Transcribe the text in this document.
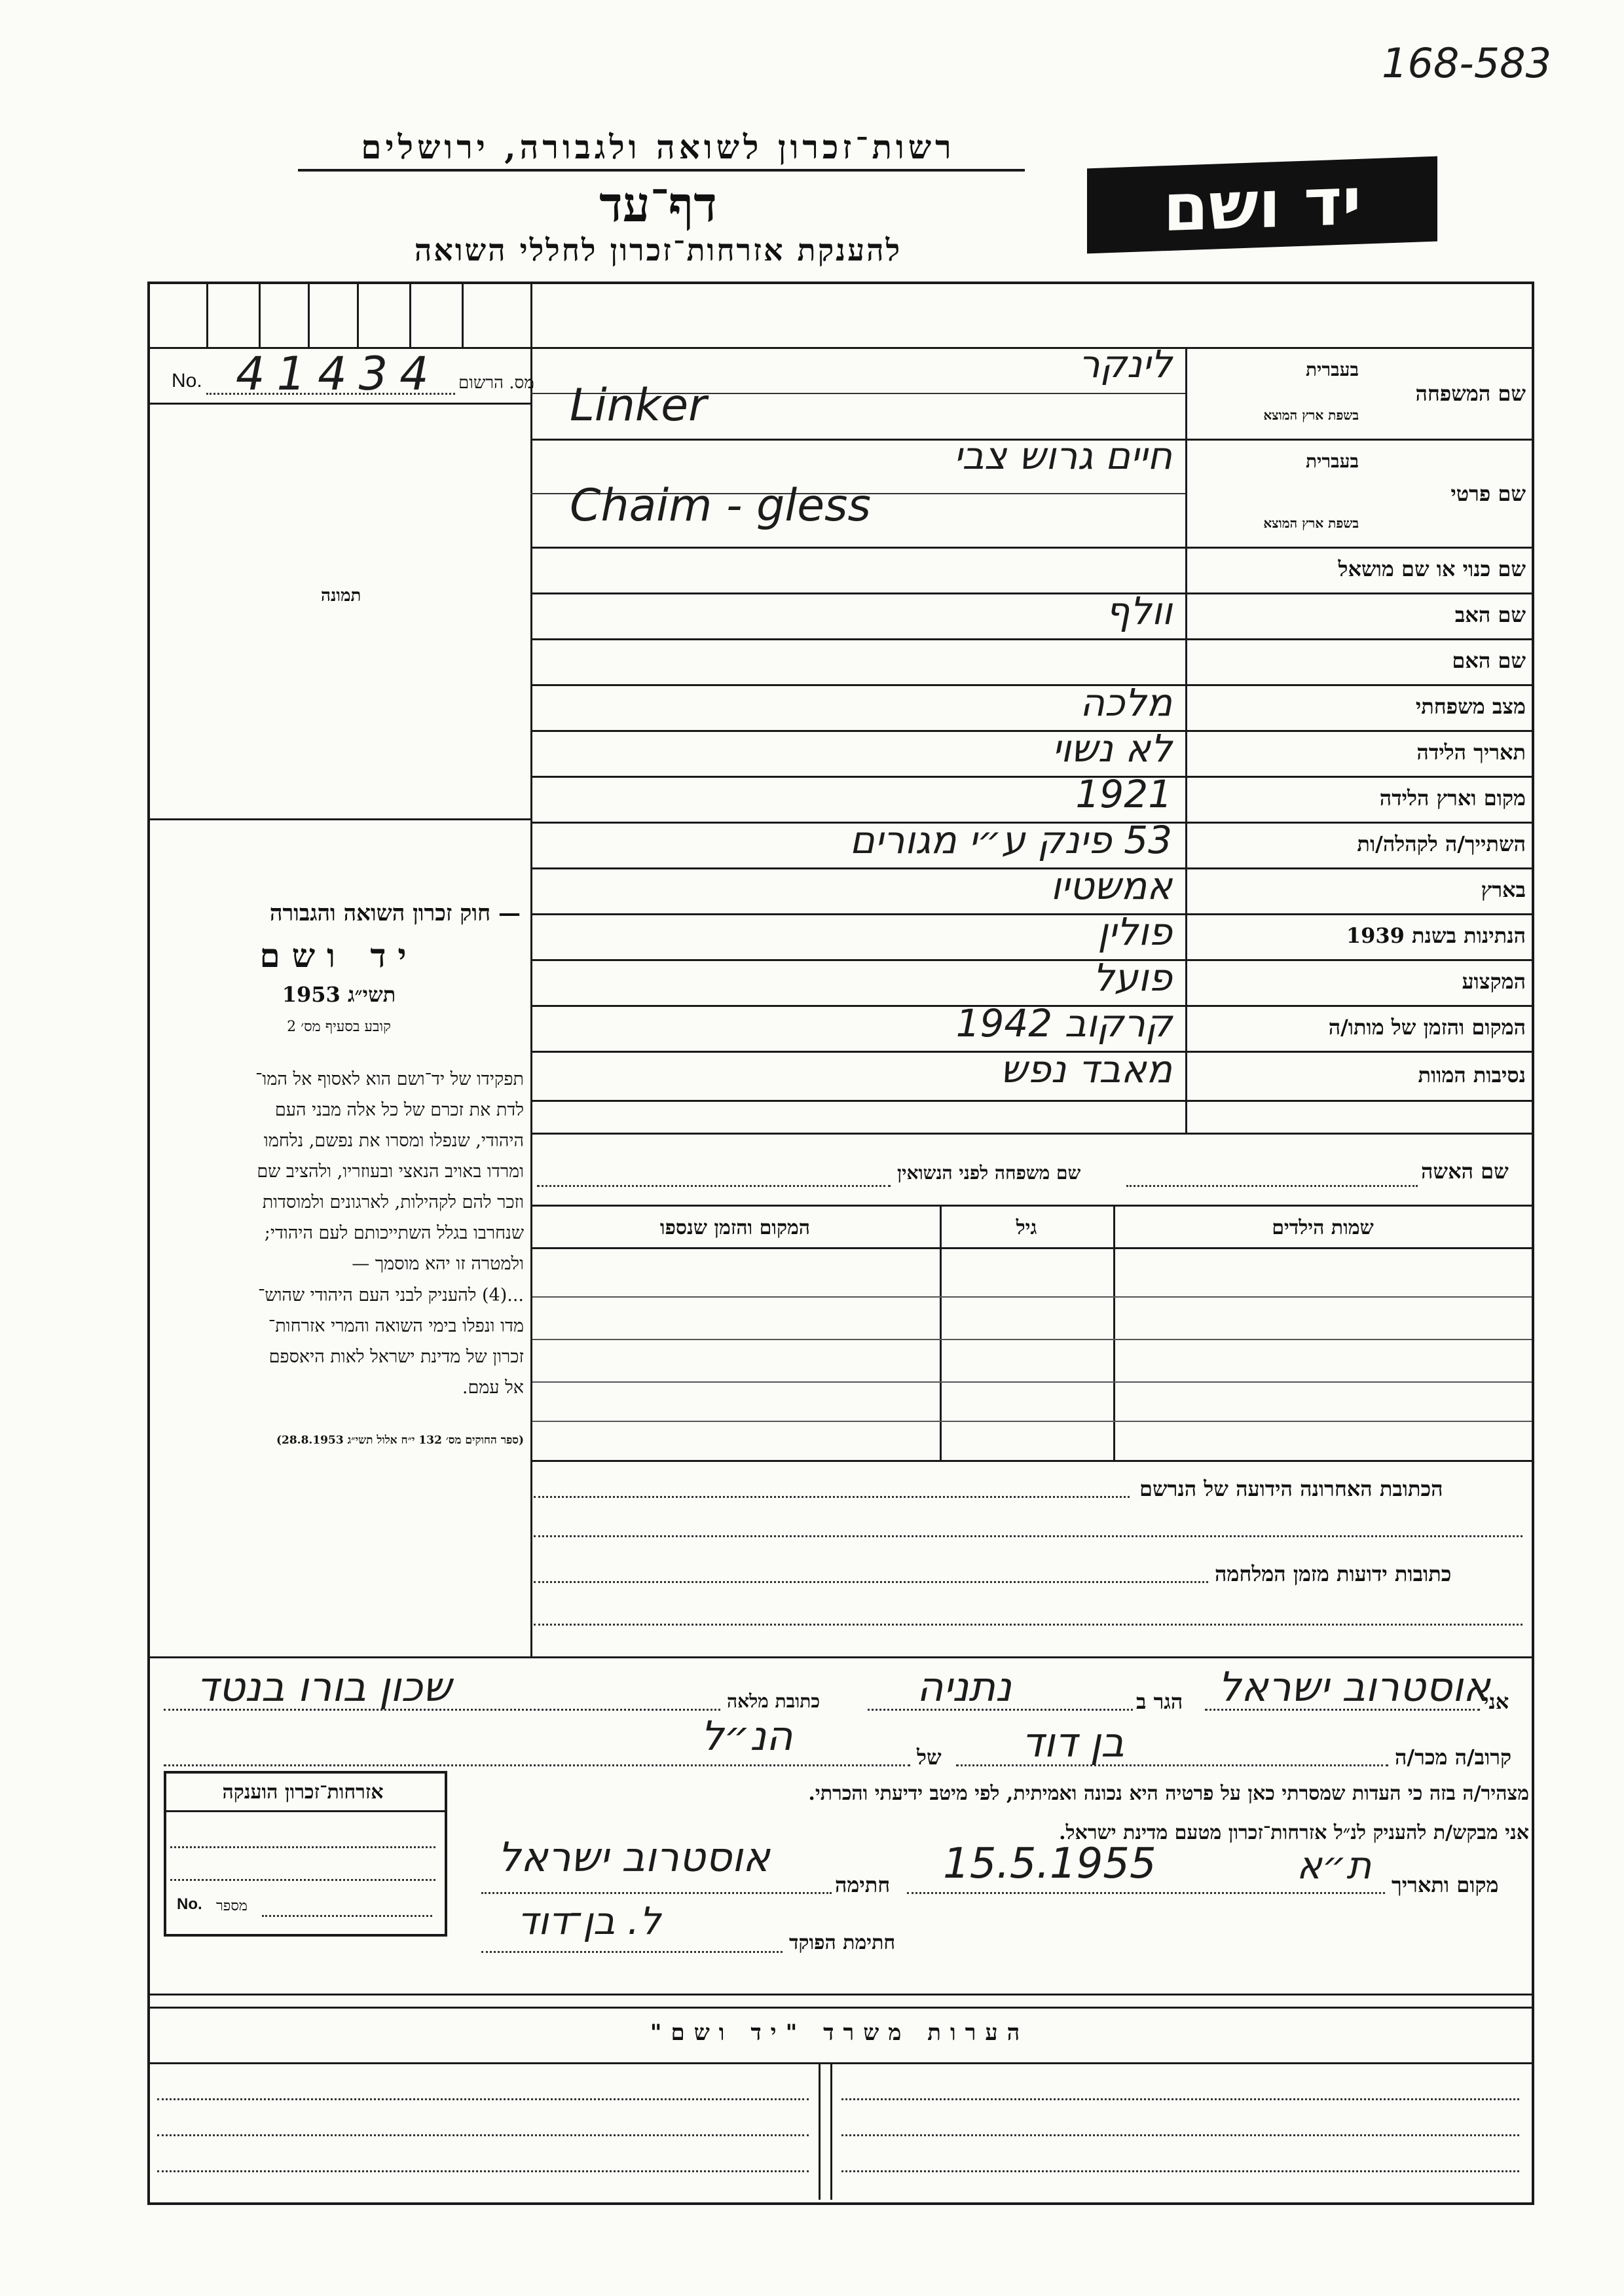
168-583
רשות־זכרון לשואה ולגבורה, ירושלים
דף־עד
להענקת אזרחות־זכרון לחללי השואה
יד ושם
No. 41434 מס. הרשום
תמונה
— חוק זכרון השואה והגבורה
יד ושם
תשי״ג 1953
קובע בסעיף מס׳ 2
תפקידו של יד־ושם הוא לאסוף אל המו־
לדת את זכרם של כל אלה מבני העם
היהודי, שנפלו ומסרו את נפשם, נלחמו
ומרדו באויב הנאצי ובעוזריו, ולהציב שם
וזכר להם לקהילות, לארגונים ולמוסדות
שנחרבו בגלל השתייכותם לעם היהודי;
ולמטרה זו יהא מוסמך —
...(4) להעניק לבני העם היהודי שהוש־
מדו ונפלו בימי השואה והמרי אזרחות־
זכרון של מדינת ישראל לאות היאספם
אל עמם.
(ספר החוקים מס׳ 132 י״ח אלול תשי״ג 28.8.1953)
שם האשה
שם משפחה לפני הנשואין
שמות הילדים
גיל
המקום והזמן שנספו
הכתובת האחרונה הידועה של הנרשם
כתובות ידועות מזמן המלחמה
אני
אוסטרוב ישראל
הגר ב
נתניה
כתובת מלאה
שכון בורו בנטד
קרוב/ה מכר/ה
בן דוד
של
הנ״ל
מצהיר/ה בזה כי העדות שמסרתי כאן על פרטיה היא נכונה ואמיתית, לפי מיטב ידיעתי והכרתי.
אני מבקש/ת להעניק לנ״ל אזרחות־זכרון מטעם מדינת ישראל.
מקום ותאריך
15.5.1955	ת״א
חתימה
אוסטרוב ישראל
חתימת הפוקד
ל. בן־דוד
אזרחות־זכרון הוענקה
No. מספר
הערות משרד "יד ושם"
שם המשפחה
בעברית
בשפת ארץ המוצא
לינקר
Linker
שם פרטי
בעברית
בשפת ארץ המוצא
חיים גרוש צבי
Chaim - gless
שם כנוי או שם מושאל
שם האב
וולף
שם האם
מצב משפחתי
מלכה
תאריך הלידה
לא נשוי
מקום וארץ הלידה
1921
השתייך/ה לקהלה/ות
53 פינק ע״י מגורים
בארץ
אמשטיו
הנתינות בשנת 1939
פולין
המקצוע
פועל
המקום והזמן של מותו/ה
קרקוב 1942
נסיבות המוות
מאבד נפש
